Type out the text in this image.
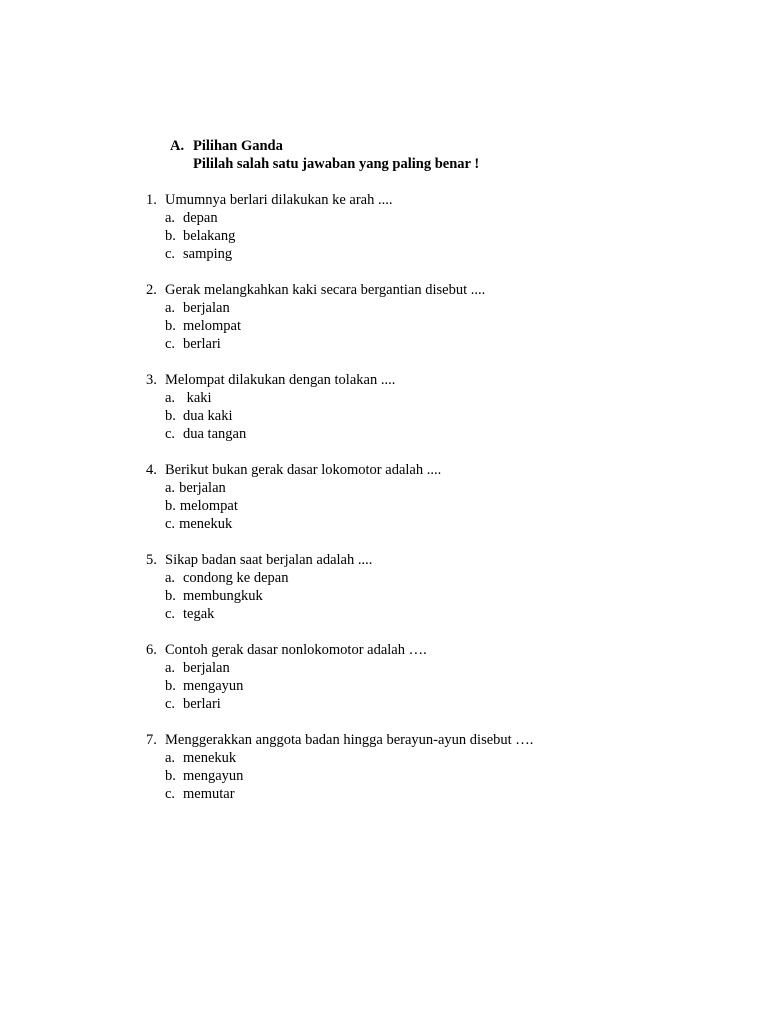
A. Pilihan Ganda
Pililah salah satu jawaban yang paling benar !
1. Umumnya berlari dilakukan ke arah ....
a. depan
b. belakang
c. samping
2. Gerak melangkahkan kaki secara bergantian disebut ....
a. berjalan
b. melompat
c. berlari
3. Melompat dilakukan dengan tolakan ....
a. kaki
b. dua kaki
c. dua tangan
4. Berikut bukan gerak dasar lokomotor adalah ....
a. berjalan
b. melompat
c. menekuk
5. Sikap badan saat berjalan adalah ....
a. condong ke depan
b. membungkuk
c. tegak
6. Contoh gerak dasar nonlokomotor adalah ….
a. berjalan
b. mengayun
c. berlari
7. Menggerakkan anggota badan hingga berayun-ayun disebut ….
a. menekuk
b. mengayun
c. memutar
